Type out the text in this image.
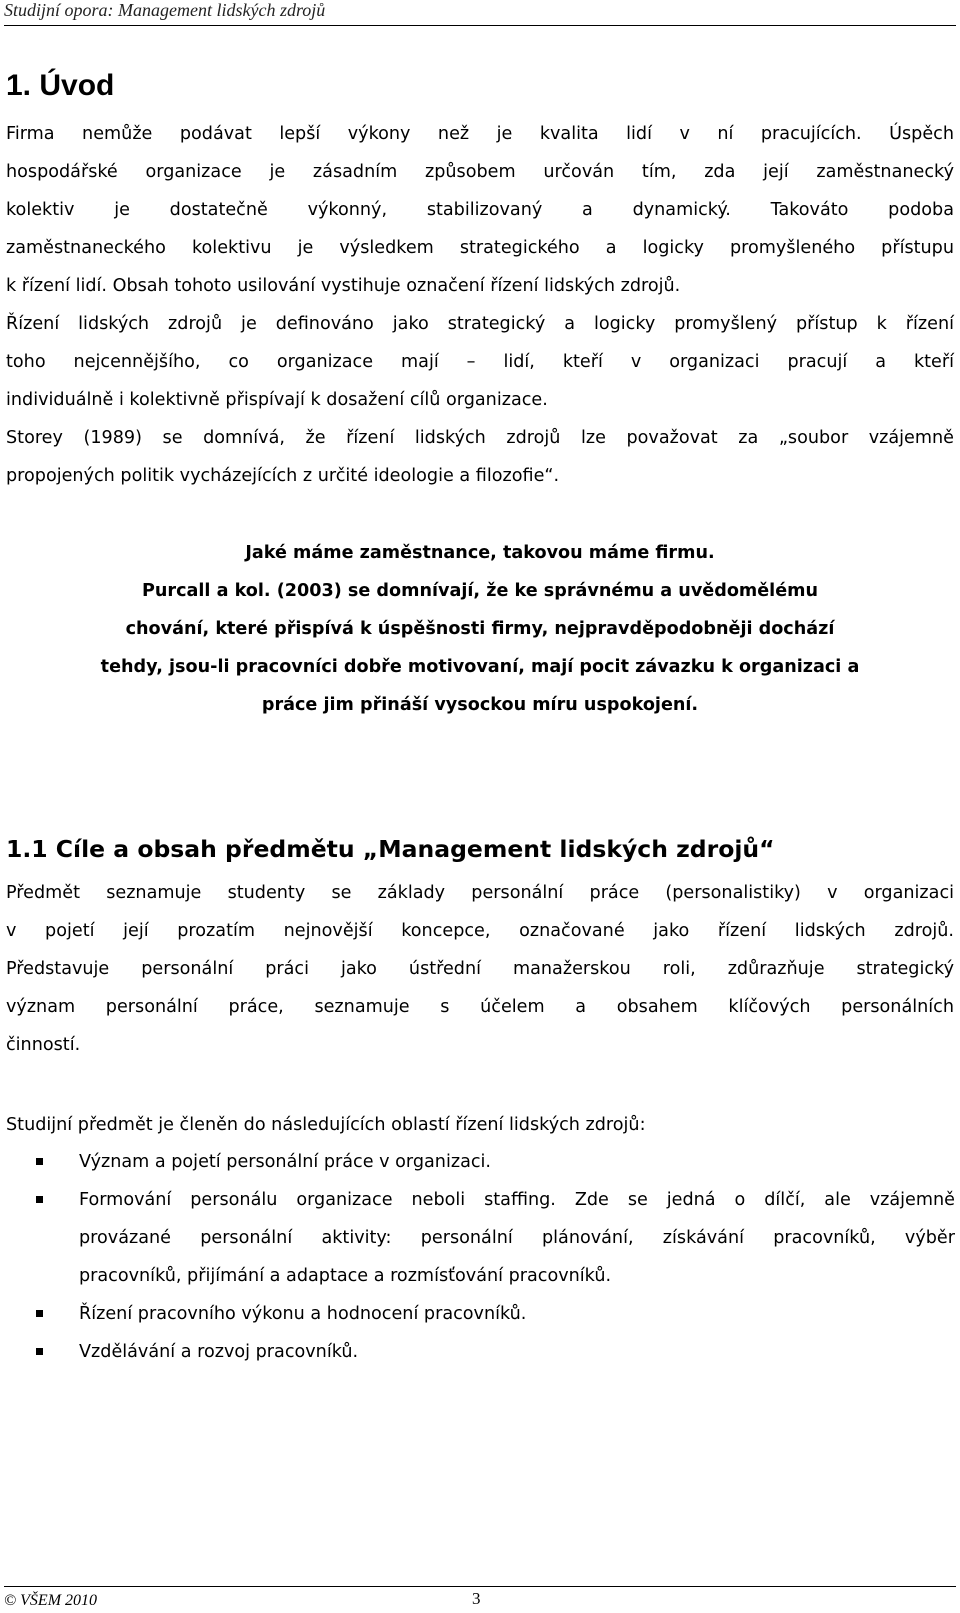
Studijní opora: Management lidských zdrojů
1. Úvod
Firma nemůže podávat lepší výkony než je kvalita lidí v ní pracujících. Úspěch
hospodářské organizace je zásadním způsobem určován tím, zda její zaměstnanecký
kolektiv je dostatečně výkonný, stabilizovaný a dynamický. Takováto podoba
zaměstnaneckého kolektivu je výsledkem strategického a logicky promyšleného přístupu
k řízení lidí. Obsah tohoto usilování vystihuje označení řízení lidských zdrojů.
Řízení lidských zdrojů je definováno jako strategický a logicky promyšlený přístup k řízení
toho nejcennějšího, co organizace mají – lidí, kteří v organizaci pracují a kteří
individuálně i kolektivně přispívají k dosažení cílů organizace.
Storey (1989) se domnívá, že řízení lidských zdrojů lze považovat za „soubor vzájemně
propojených politik vycházejících z určité ideologie a filozofie“.
Jaké máme zaměstnance, takovou máme firmu.
Purcall a kol. (2003) se domnívají, že ke správnému a uvědomělému
chování, které přispívá k úspěšnosti firmy, nejpravděpodobněji dochází
tehdy, jsou-li pracovníci dobře motivovaní, mají pocit závazku k organizaci a
práce jim přináší vysockou míru uspokojení.
1.1 Cíle a obsah předmětu „Management lidských zdrojů“
Předmět seznamuje studenty se základy personální práce (personalistiky) v organizaci
v pojetí její prozatím nejnovější koncepce, označované jako řízení lidských zdrojů.
Představuje personální práci jako ústřední manažerskou roli, zdůrazňuje strategický
význam personální práce, seznamuje s účelem a obsahem klíčových personálních
činností.
Studijní předmět je členěn do následujících oblastí řízení lidských zdrojů:
Význam a pojetí personální práce v organizaci.
Formování personálu organizace neboli staffing. Zde se jedná o dílčí, ale vzájemně
provázané personální aktivity: personální plánování, získávání pracovníků, výběr
pracovníků, přijímání a adaptace a rozmísťování pracovníků.
Řízení pracovního výkonu a hodnocení pracovníků.
Vzdělávání a rozvoj pracovníků.
© VŠEM 2010	3
